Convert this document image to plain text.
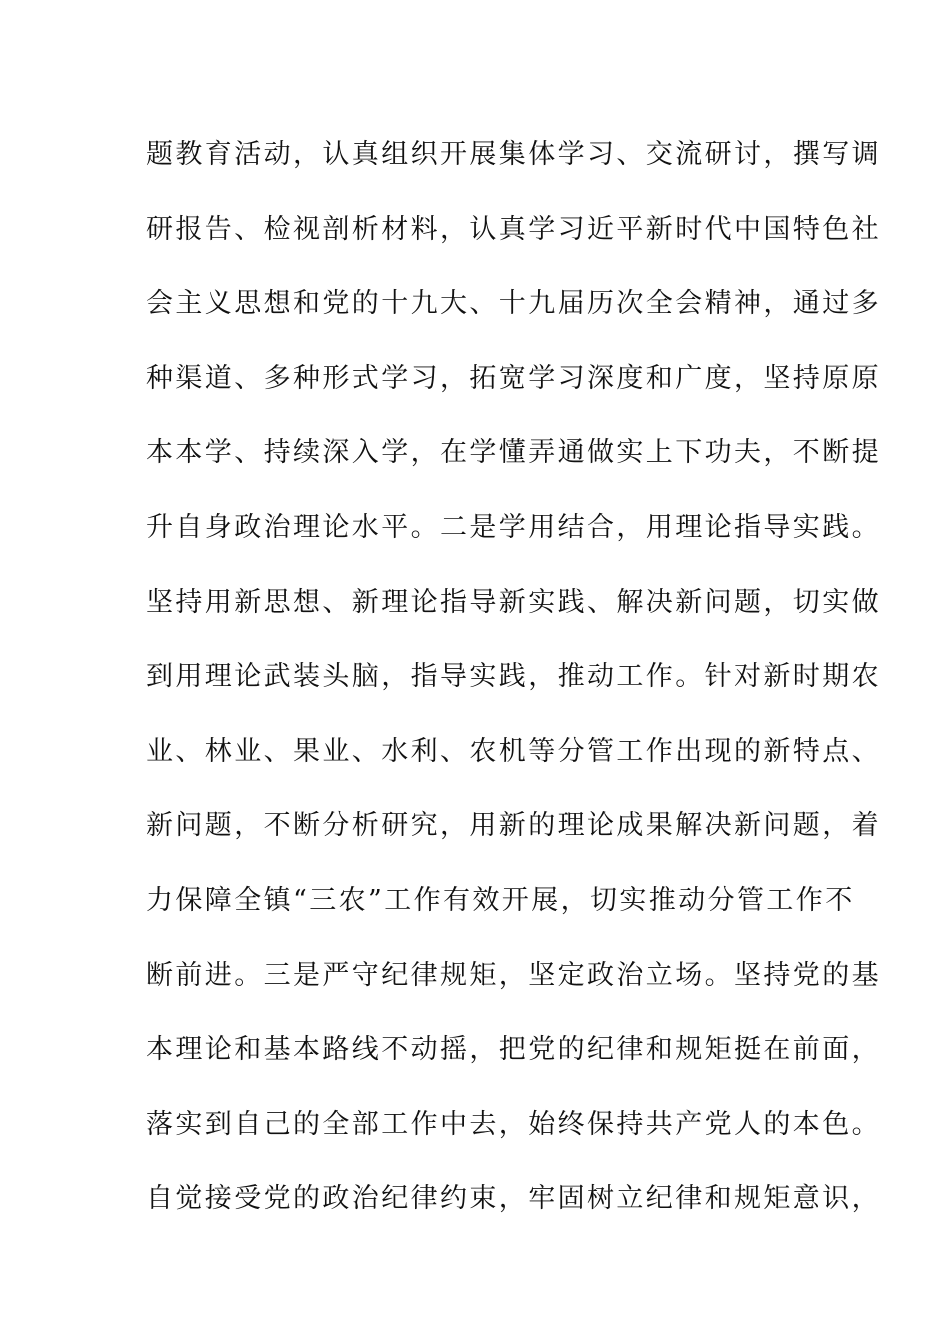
题教育活动，认真组织开展集体学习、交流研讨，撰写调
研报告、检视剖析材料，认真学习近平新时代中国特色社
会主义思想和党的十九大、十九届历次全会精神，通过多
种渠道、多种形式学习，拓宽学习深度和广度，坚持原原
本本学、持续深入学，在学懂弄通做实上下功夫，不断提
升自身政治理论水平。二是学用结合，用理论指导实践。
坚持用新思想、新理论指导新实践、解决新问题，切实做
到用理论武装头脑，指导实践，推动工作。针对新时期农
业、林业、果业、水利、农机等分管工作出现的新特点、
新问题，不断分析研究，用新的理论成果解决新问题，着
力保障全镇“三农”工作有效开展，切实推动分管工作不
断前进。三是严守纪律规矩，坚定政治立场。坚持党的基
本理论和基本路线不动摇，把党的纪律和规矩挺在前面，
落实到自己的全部工作中去，始终保持共产党人的本色。
自觉接受党的政治纪律约束，牢固树立纪律和规矩意识，
